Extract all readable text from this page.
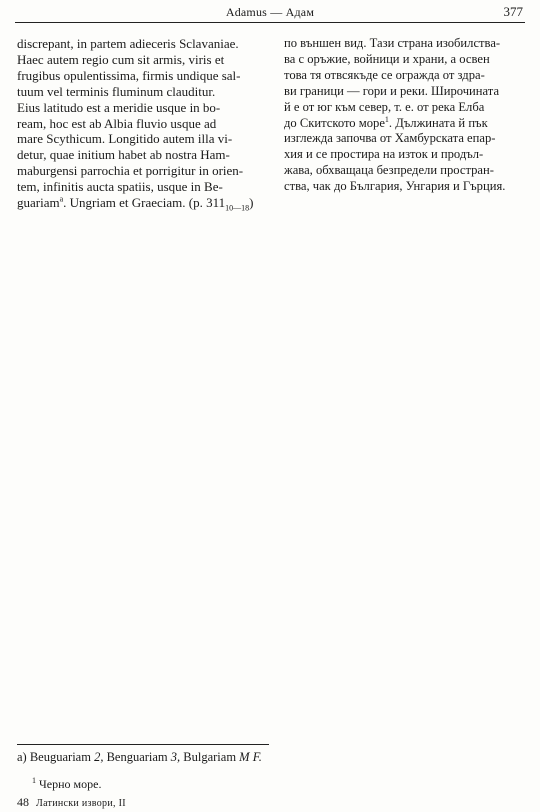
Adamus — Адам	377
discrepant, in partem adieceris Sclavaniae.
Haec autem regio cum sit armis, viris et
frugibus opulentissima, firmis undique sal-
tuum vel terminis fluminum clauditur.
Eius latitudo est a meridie usque in bo-
ream, hoc est ab Albia fluvio usque ad
mare Scythicum. Longitido autem illa vi-
detur, quae initium habet ab nostra Ham-
maburgensi parrochia et porrigitur in orien-
tem, infinitis aucta spatiis, usque in Be-
guariam$^a$. Ungriam et Graeciam. (p. $311_{10—18}$)
по външен вид. Тази страна изобилства-
ва с оръжие, войници и храни, а освен
това тя отвсякъде се огражда от здра-
ви граници — гори и реки. Широчината
й е от юг към север, т. е. от река Елба
до Скитското море$^1$. Дължината й пък
изглежда започва от Хамбурската епар-
хия и се простира на изток и продъл-
жава, обхващаца безпредели простран-
ства, чак до България, Унгария и Гърция.
a) Beuguariam 2, Benguariam 3, Bulgariam M F.
$^1$ Черно море.
48 Латински извори, II
